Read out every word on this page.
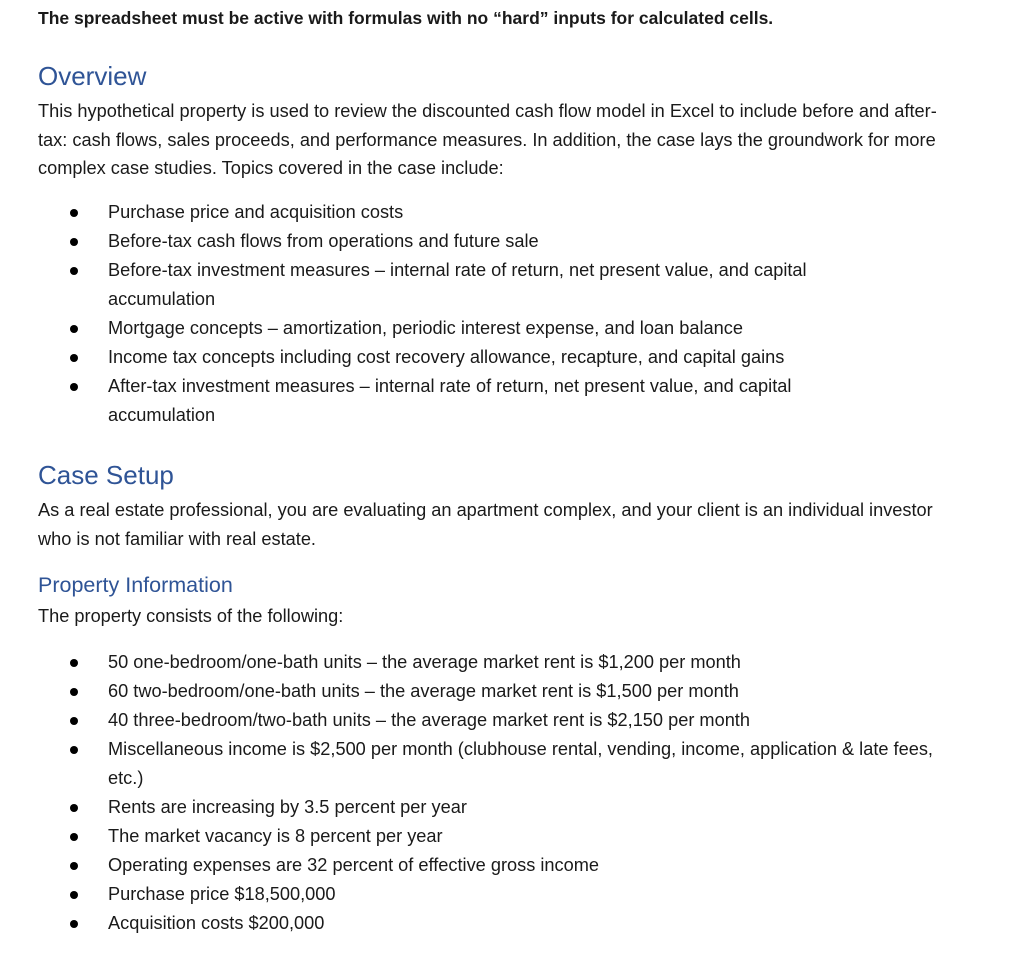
The spreadsheet must be active with formulas with no “hard” inputs for calculated cells.
Overview
This hypothetical property is used to review the discounted cash flow model in Excel to include before and after-tax: cash flows, sales proceeds, and performance measures. In addition, the case lays the groundwork for more complex case studies. Topics covered in the case include:
Purchase price and acquisition costs
Before-tax cash flows from operations and future sale
Before-tax investment measures – internal rate of return, net present value, and capital accumulation
Mortgage concepts – amortization, periodic interest expense, and loan balance
Income tax concepts including cost recovery allowance, recapture, and capital gains
After-tax investment measures – internal rate of return, net present value, and capital accumulation
Case Setup
As a real estate professional, you are evaluating an apartment complex, and your client is an individual investor who is not familiar with real estate.
Property Information
The property consists of the following:
50 one-bedroom/one-bath units – the average market rent is $1,200 per month
60 two-bedroom/one-bath units – the average market rent is $1,500 per month
40 three-bedroom/two-bath units – the average market rent is $2,150 per month
Miscellaneous income is $2,500 per month (clubhouse rental, vending, income, application & late fees, etc.)
Rents are increasing by 3.5 percent per year
The market vacancy is 8 percent per year
Operating expenses are 32 percent of effective gross income
Purchase price $18,500,000
Acquisition costs $200,000
